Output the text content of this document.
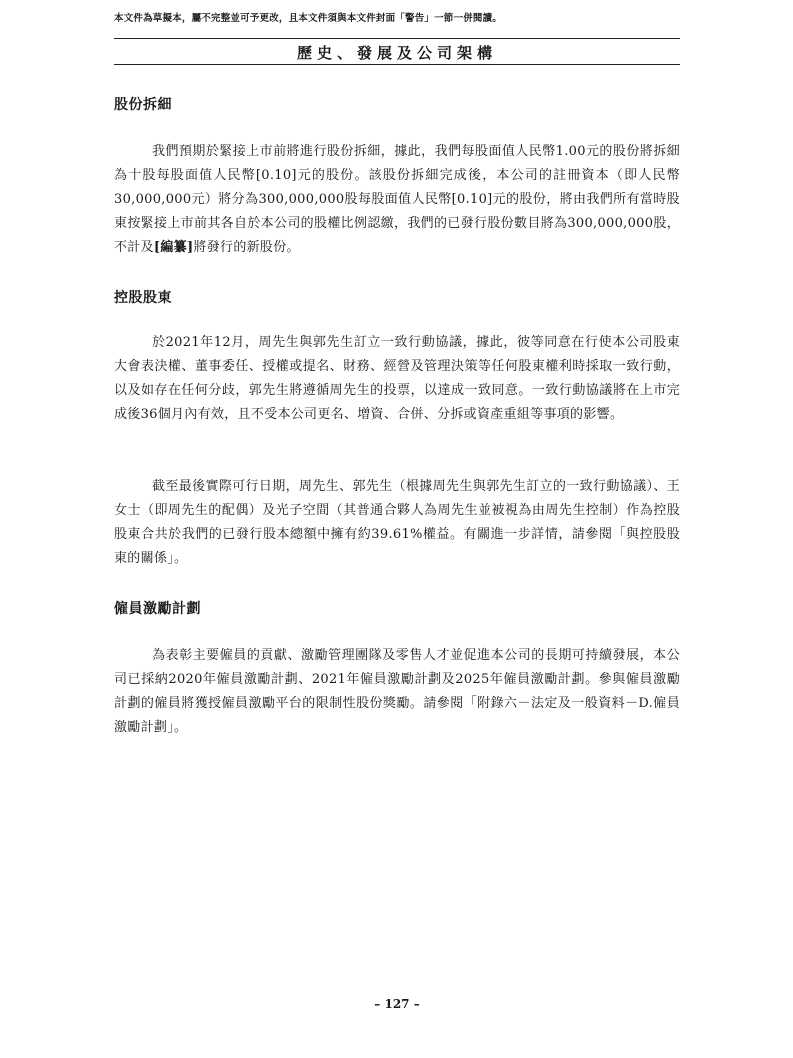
本文件為草擬本，屬不完整並可予更改，且本文件須與本文件封面「警告」一節一併閱讀。
歷史、發展及公司架構
股份拆細

我們預期於緊接上市前將進行股份拆細，據此，我們每股面值人民幣1.00元的股份將拆細為十股每股面值人民幣[0.10]元的股份。該股份拆細完成後，本公司的註冊資本（即人民幣30,000,000元）將分為300,000,000股每股面值人民幣[0.10]元的股份，將由我們所有當時股東按緊接上市前其各自於本公司的股權比例認繳，我們的已發行股份數目將為300,000,000股，不計及[編纂]將發行的新股份。

控股股東

於2021年12月，周先生與郭先生訂立一致行動協議，據此，彼等同意在行使本公司股東大會表決權、董事委任、授權或提名、財務、經營及管理決策等任何股東權利時採取一致行動，以及如存在任何分歧，郭先生將遵循周先生的投票，以達成一致同意。一致行動協議將在上市完成後36個月內有效，且不受本公司更名、增資、合併、分拆或資產重組等事項的影響。

截至最後實際可行日期，周先生、郭先生（根據周先生與郭先生訂立的一致行動協議）、王女士（即周先生的配偶）及光子空間（其普通合夥人為周先生並被視為由周先生控制）作為控股股東合共於我們的已發行股本總額中擁有約39.61%權益。有關進一步詳情，請參閱「與控股股東的關係」。

僱員激勵計劃

為表彰主要僱員的貢獻、激勵管理團隊及零售人才並促進本公司的長期可持續發展，本公司已採納2020年僱員激勵計劃、2021年僱員激勵計劃及2025年僱員激勵計劃。參與僱員激勵計劃的僱員將獲授僱員激勵平台的限制性股份獎勵。請參閱「附錄六－法定及一般資料－D.僱員激勵計劃」。

– 127 –
